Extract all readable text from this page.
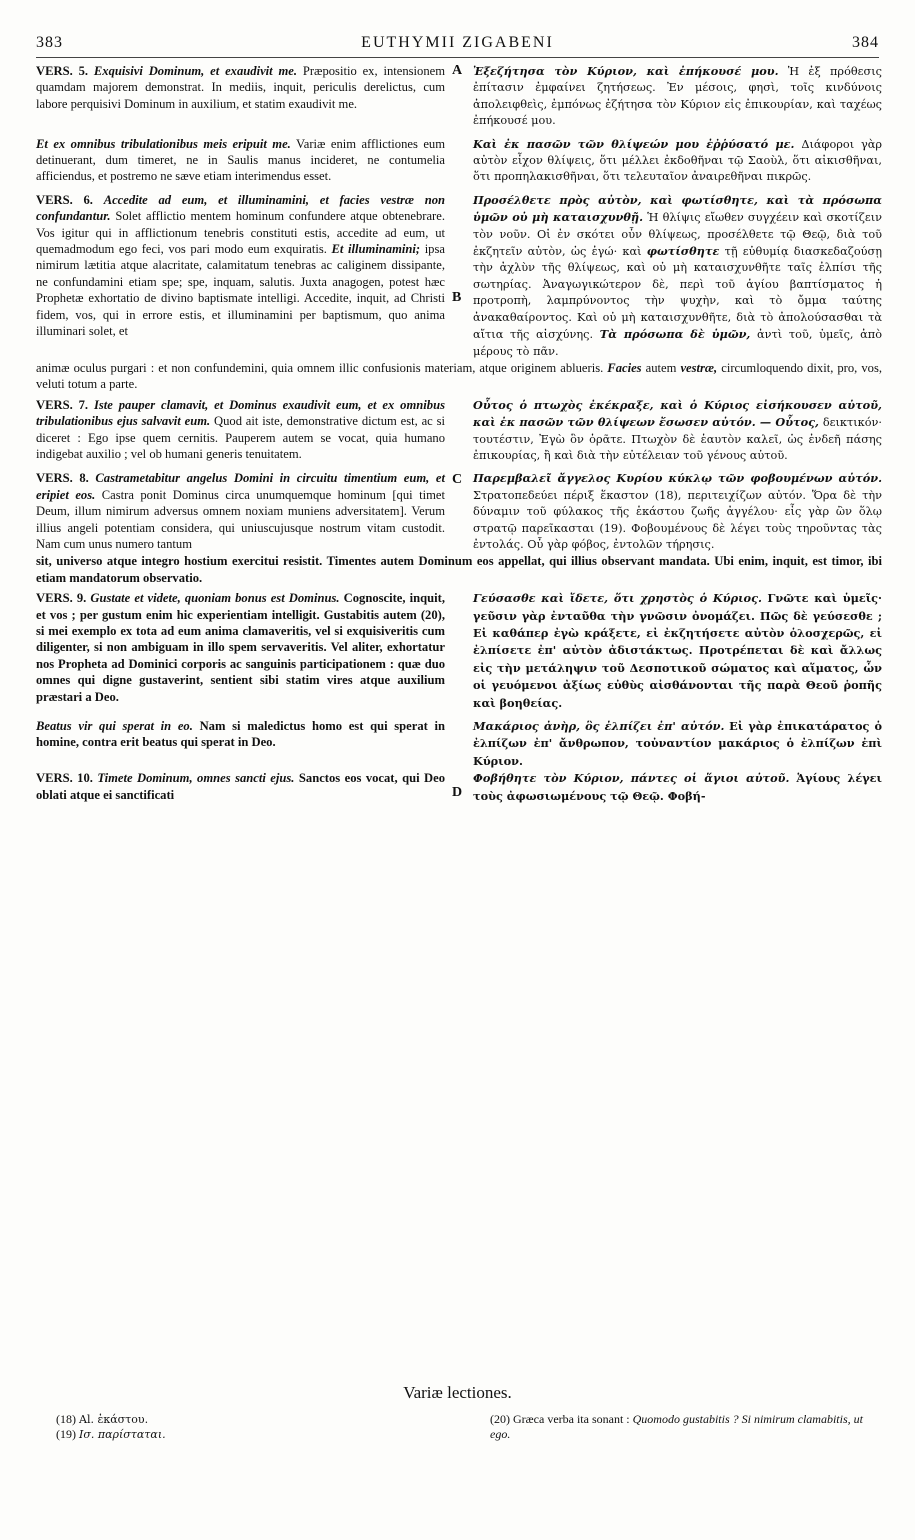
383	EUTHYMII ZIGABENI	384
A
VERS. 5. Exquisivi Dominum, et exaudivit me. Præpositio ex, intensionem quamdam majorem demonstrat. In mediis, inquit, periculis derelictus, cum labore perquisivi Dominum in auxilium, et statim exaudivit me.
Ἐξεζήτησα τὸν Κύριον, καὶ ἐπήκουσέ μου. Ἡ ἐξ πρόθεσις ἐπίτασιν ἐμφαίνει ζητήσεως. Ἐν μέσοις, φησὶ, τοῖς κινδύνοις ἀπολειφθεὶς, ἐμπόνως ἐζήτησα τὸν Κύριον εἰς ἐπικουρίαν, καὶ ταχέως ἐπήκουσέ μου.
Et ex omnibus tribulationibus meis eripuit me. Variæ enim afflictiones eum detinuerant, dum timeret, ne in Saulis manus incideret, ne contumelia afficiendus, et postremo ne sæve etiam interimendus esset.
Καὶ ἐκ πασῶν τῶν θλίψεών μου ἐῤῥύσατό με. Διάφοροι γὰρ αὐτὸν εἶχον θλίψεις, ὅτι μέλλει ἐκδοθῆναι τῷ Σαοὺλ, ὅτι αἰκισθῆναι, ὅτι προπηλακισθῆναι, ὅτι τελευταῖον ἀναιρεθῆναι πικρῶς.
B
VERS. 6. Accedite ad eum, et illuminamini, et facies vestræ non confundantur. Solet afflictio mentem hominum confundere atque obtenebrare. Vos igitur qui in afflictionum tenebris constituti estis, accedite ad eum, ut quemadmodum ego feci, vos pari modo eum exquiratis. Et illuminamini; ipsa nimirum lætitia atque alacritate, calamitatum tenebras ac caliginem dissipante, ne confundamini etiam spe; spe, inquam, salutis. Juxta anagogen, potest hæc Prophetæ exhortatio de divino baptismate intelligi. Accedite, inquit, ad Christi fidem, vos, qui in errore estis, et illuminamini per baptismum, quo anima illuminari solet, et
Προσέλθετε πρὸς αὐτὸν, καὶ φωτίσθητε, καὶ τὰ πρόσωπα ὑμῶν οὐ μὴ καταισχυνθῇ. Ἡ θλίψις εἴωθεν συγχέειν καὶ σκοτίζειν τὸν νοῦν. Οἱ ἐν σκότει οὖν θλίψεως, προσέλθετε τῷ Θεῷ, διὰ τοῦ ἐκζητεῖν αὐτὸν, ὡς ἐγώ· καὶ φωτίσθητε τῇ εὐθυμίᾳ διασκεδαζούσῃ τὴν ἀχλὺν τῆς θλίψεως, καὶ οὐ μὴ καταισχυνθῆτε ταῖς ἐλπίσι τῆς σωτηρίας. Ἀναγωγικώτερον δὲ, περὶ τοῦ ἁγίου βαπτίσματος ἡ προτροπὴ, λαμπρύνοντος τὴν ψυχὴν, καὶ τὸ ὄμμα ταύτης ἀνακαθαίροντος. Καὶ οὐ μὴ καταισχυνθῆτε, διὰ τὸ ἀπολούσασθαι τὰ αἴτια τῆς αἰσχύνης. Τὰ πρόσωπα δὲ ὑμῶν, ἀντὶ τοῦ, ὑμεῖς, ἀπὸ μέρους τὸ πᾶν.
animæ oculus purgari : et non confundemini, quia omnem illic confusionis materiam, atque originem ablueris. Facies autem vestræ, circumloquendo dixit, pro, vos, veluti totum a parte.
VERS. 7. Iste pauper clamavit, et Dominus exaudivit eum, et ex omnibus tribulationibus ejus salvavit eum. Quod ait iste, demonstrative dictum est, ac si diceret : Ego ipse quem cernitis. Pauperem autem se vocat, quia humano indigebat auxilio ; vel ob humani generis tenuitatem.
Οὗτος ὁ πτωχὸς ἐκέκραξε, καὶ ὁ Κύριος εἰσήκουσεν αὐτοῦ, καὶ ἐκ πασῶν τῶν θλίψεων ἔσωσεν αὐτόν. — Οὗτος, δεικτικόν· τουτέστιν, Ἐγὼ ὃν ὁρᾶτε. Πτωχὸν δὲ ἑαυτὸν καλεῖ, ὡς ἐνδεῆ πάσης ἐπικουρίας, ἢ καὶ διὰ τὴν εὐτέλειαν τοῦ γένους αὐτοῦ.
C
VERS. 8. Castrametabitur angelus Domini in circuitu timentium eum, et eripiet eos. Castra ponit Dominus circa unumquemque hominum [qui timet Deum, illum nimirum adversus omnem noxiam muniens adversitatem]. Verum illius angeli potentiam considera, qui uniuscujusque nostrum vitam custodit. Nam cum unus numero tantum
Παρεμβαλεῖ ἄγγελος Κυρίου κύκλῳ τῶν φοβουμένων αὐτόν. Στρατοπεδεύει πέριξ ἕκαστον (18), περιτειχίζων αὐτόν. Ὅρα δὲ τὴν δύναμιν τοῦ φύλακος τῆς ἑκάστου ζωῆς ἀγγέλου· εἷς γὰρ ὢν ὅλῳ στρατῷ παρεῖκασται (19). Φοβουμένους δὲ λέγει τοὺς τηροῦντας τὰς ἐντολάς. Οὗ γὰρ φόβος, ἐντολῶν τήρησις.
sit, universo atque integro hostium exercitui resistit. Timentes autem Dominum eos appellat, qui illius observant mandata. Ubi enim, inquit, est timor, ibi etiam mandatorum observatio.
D
VERS. 9. Gustate et videte, quoniam bonus est Dominus. Cognoscite, inquit, et vos ; per gustum enim hic experientiam intelligit. Gustabitis autem (20), si mei exemplo ex tota ad eum anima clamaveritis, vel si exquisiveritis cum diligenter, si non ambiguam in illo spem servaveritis. Vel aliter, exhortatur nos Propheta ad Dominici corporis ac sanguinis participationem : quæ duo omnes qui digne gustaverint, sentient sibi statim vires atque auxilium præstari a Deo.
Γεύσασθε καὶ ἴδετε, ὅτι χρηστὸς ὁ Κύριος. Γνῶτε καὶ ὑμεῖς· γεῦσιν γὰρ ἐνταῦθα τὴν γνῶσιν ὀνομάζει. Πῶς δὲ γεύσεσθε ; Εἰ καθάπερ ἐγὼ κράξετε, εἰ ἐκζητήσετε αὐτὸν ὁλοσχερῶς, εἰ ἐλπίσετε ἐπ' αὐτὸν ἀδιστάκτως. Προτρέπεται δὲ καὶ ἄλλως εἰς τὴν μετάληψιν τοῦ Δεσποτικοῦ σώματος καὶ αἵματος, ὧν οἱ γευόμενοι ἀξίως εὐθὺς αἰσθάνονται τῆς παρὰ Θεοῦ ῥοπῆς καὶ βοηθείας.
Beatus vir qui sperat in eo. Nam si maledictus homo est qui sperat in homine, contra erit beatus qui sperat in Deo.
Μακάριος ἀνὴρ, ὃς ἐλπίζει ἐπ' αὐτόν. Εἰ γὰρ ἐπικατάρατος ὁ ἐλπίζων ἐπ' ἄνθρωπον, τοὐναντίον μακάριος ὁ ἐλπίζων ἐπὶ Κύριον.
VERS. 10. Timete Dominum, omnes sancti ejus. Sanctos eos vocat, qui Deo oblati atque ei sanctificati
Φοβήθητε τὸν Κύριον, πάντες οἱ ἅγιοι αὐτοῦ. Ἁγίους λέγει τοὺς ἀφωσιωμένους τῷ Θεῷ. Φοβή-
Variæ lectiones.
(18) Al. ἑκάστου.
(19) Ισ. παρίσταται.
(20) Græca verba ita sonant : Quomodo gustabitis ? Si nimirum clamabitis, ut ego.
